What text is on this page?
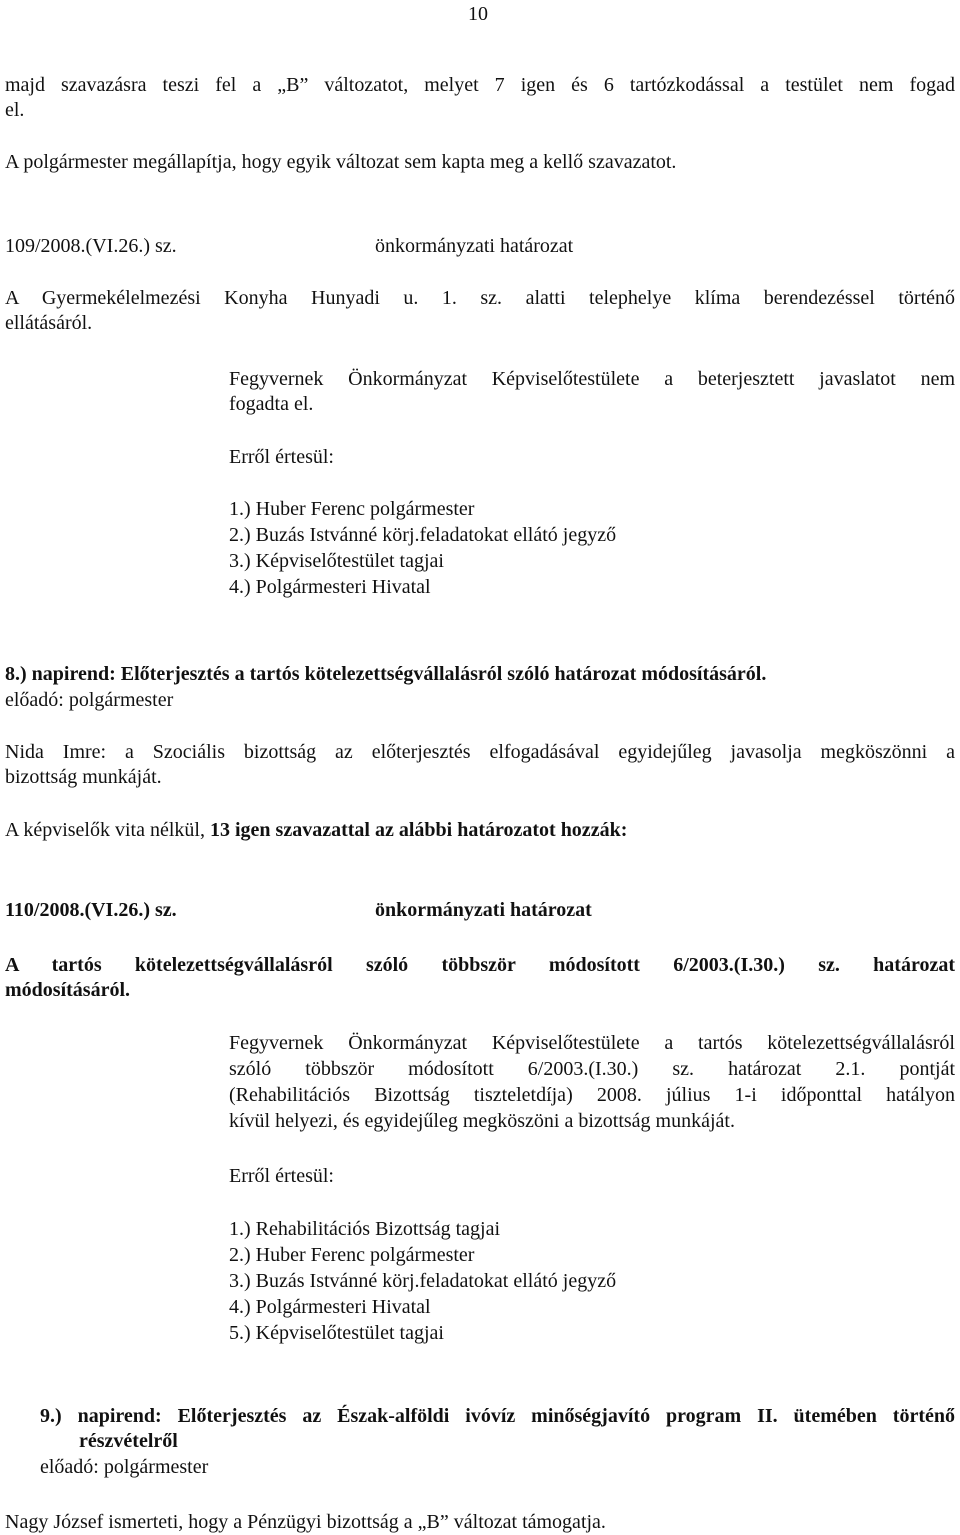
10
majd szavazásra teszi fel a „B” változatot, melyet 7 igen és 6 tartózkodással a testület nem fogad
el.
A polgármester megállapítja, hogy egyik változat sem kapta meg a kellő szavazatot.
109/2008.(VI.26.) sz.	önkormányzati határozat
A Gyermekélelmezési Konyha Hunyadi u. 1. sz. alatti telephelye klíma berendezéssel történő
ellátásáról.
Fegyvernek Önkormányzat Képviselőtestülete a beterjesztett javaslatot nem
fogadta el.
Erről értesül:
1.) Huber Ferenc polgármester
2.) Buzás Istvánné körj.feladatokat ellátó jegyző
3.) Képviselőtestület tagjai
4.) Polgármesteri Hivatal
8.) napirend: Előterjesztés a tartós kötelezettségvállalásról szóló határozat módosításáról.
előadó: polgármester
Nida Imre: a Szociális bizottság az előterjesztés elfogadásával egyidejűleg javasolja megköszönni a
bizottság munkáját.
A képviselők vita nélkül, 13 igen szavazattal az alábbi határozatot hozzák:
110/2008.(VI.26.) sz.	önkormányzati határozat
A tartós kötelezettségvállalásról szóló többször módosított 6/2003.(I.30.) sz. határozat
módosításáról.
Fegyvernek Önkormányzat Képviselőtestülete a tartós kötelezettségvállalásról
szóló többször módosított 6/2003.(I.30.) sz. határozat 2.1. pontját
(Rehabilitációs Bizottság tiszteletdíja) 2008. július 1-i időponttal hatályon
kívül helyezi, és egyidejűleg megköszöni a bizottság munkáját.
Erről értesül:
1.) Rehabilitációs Bizottság tagjai
2.) Huber Ferenc polgármester
3.) Buzás Istvánné körj.feladatokat ellátó jegyző
4.) Polgármesteri Hivatal
5.) Képviselőtestület tagjai
9.) napirend: Előterjesztés az Észak-alföldi ivóvíz minőségjavító program II. ütemében történő
részvételről
előadó: polgármester
Nagy József ismerteti, hogy a Pénzügyi bizottság a „B” változat támogatja.
